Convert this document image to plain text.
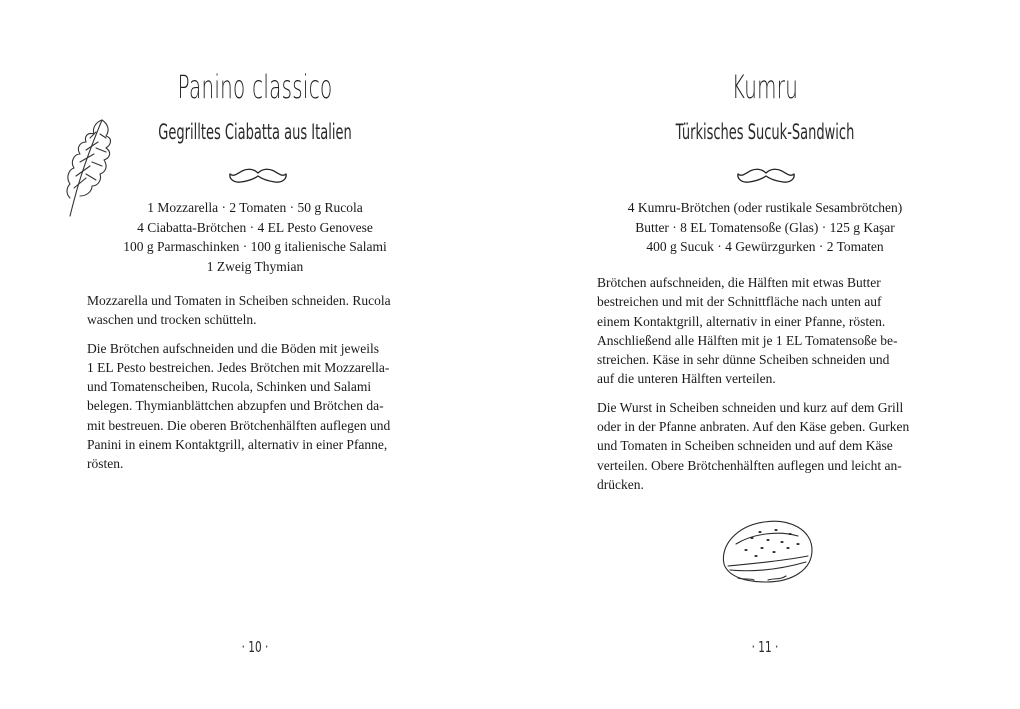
Panino classico
Gegrilltes Ciabatta aus Italien
1 Mozzarella · 2 Tomaten · 50 g Rucola
4 Ciabatta-Brötchen · 4 EL Pesto Genovese
100 g Parmaschinken · 100 g italienische Salami
1 Zweig Thymian

Mozzarella und Tomaten in Scheiben schneiden. Rucola
waschen und trocken schütteln.

Die Brötchen aufschneiden und die Böden mit jeweils
1 EL Pesto bestreichen. Jedes Brötchen mit Mozzarella-
und Tomatenscheiben, Rucola, Schinken und Salami
belegen. Thymianblättchen abzupfen und Brötchen da-
mit bestreuen. Die oberen Brötchenhälften auflegen und
Panini in einem Kontaktgrill, alternativ in einer Pfanne,
rösten.

· 10 ·
Kumru
Türkisches Sucuk-Sandwich
4 Kumru-Brötchen (oder rustikale Sesambrötchen)
Butter · 8 EL Tomatensoße (Glas) · 125 g Kaşar
400 g Sucuk · 4 Gewürzgurken · 2 Tomaten

Brötchen aufschneiden, die Hälften mit etwas Butter
bestreichen und mit der Schnittfläche nach unten auf
einem Kontaktgrill, alternativ in einer Pfanne, rösten.
Anschließend alle Hälften mit je 1 EL Tomatensoße be-
streichen. Käse in sehr dünne Scheiben schneiden und
auf die unteren Hälften verteilen.

Die Wurst in Scheiben schneiden und kurz auf dem Grill
oder in der Pfanne anbraten. Auf den Käse geben. Gurken
und Tomaten in Scheiben schneiden und auf dem Käse
verteilen. Obere Brötchenhälften auflegen und leicht an-
drücken.

· 11 ·
